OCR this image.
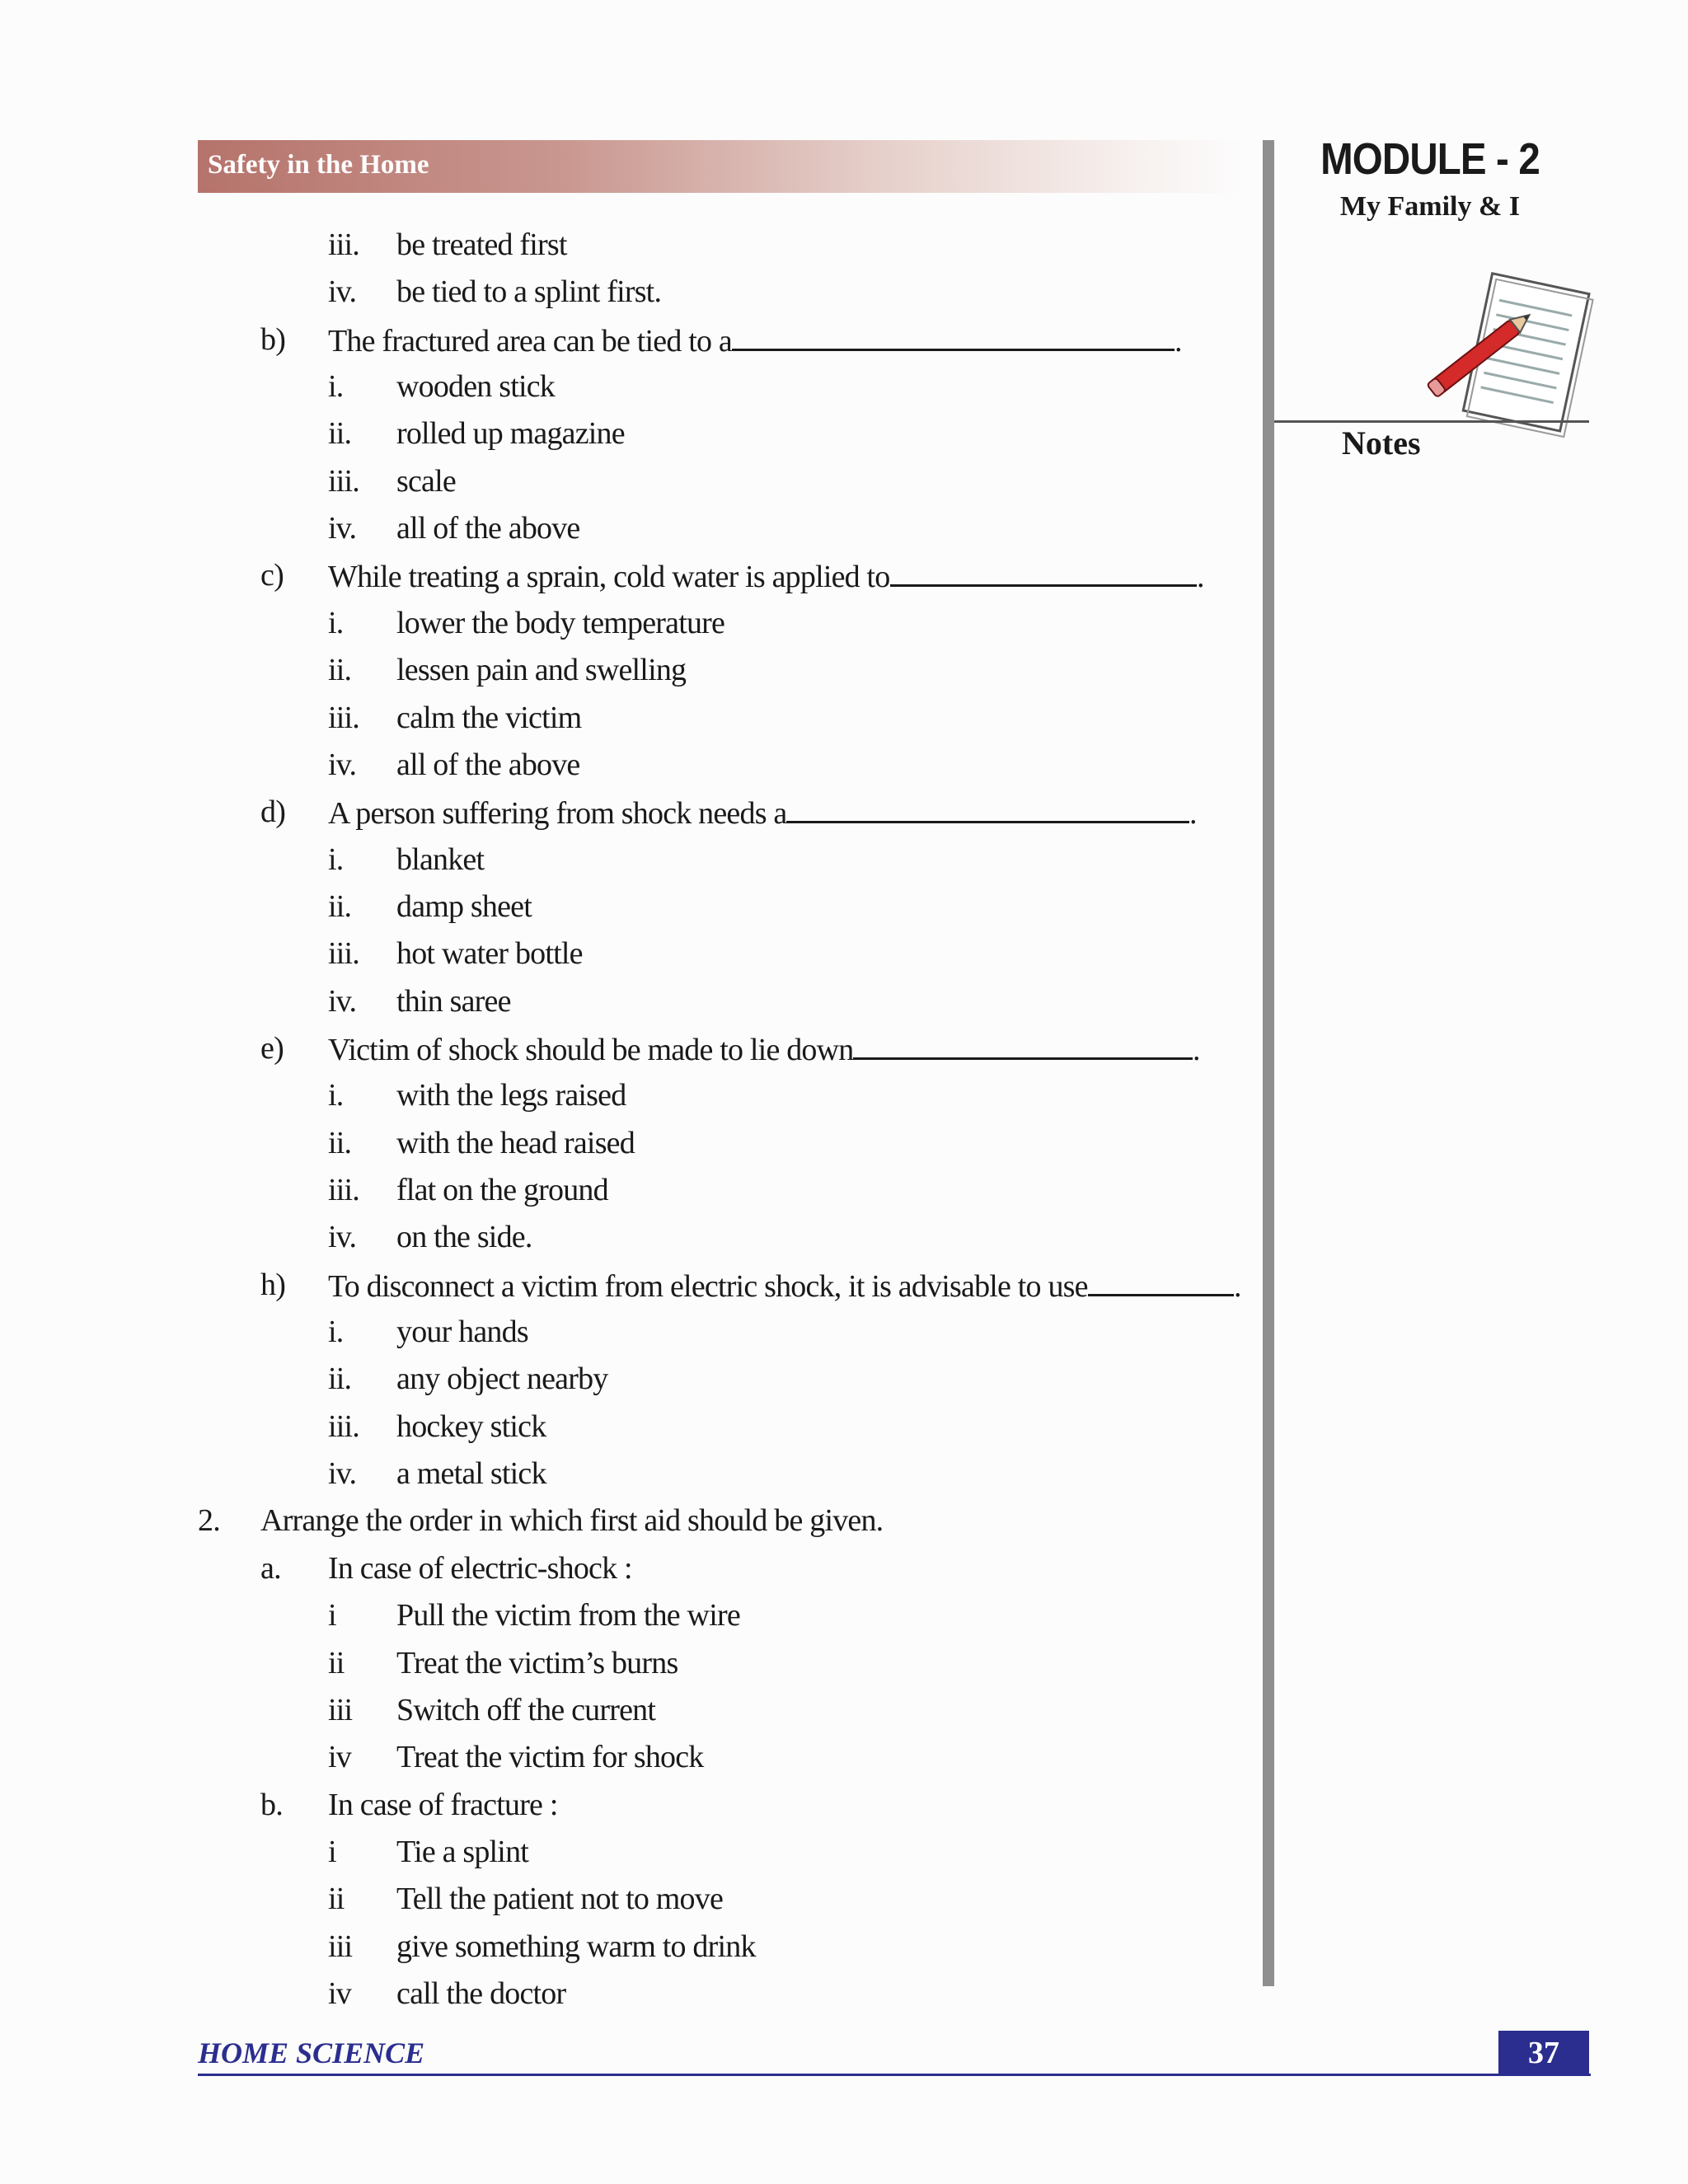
Safety in the Home	MODULE - 2
My Family & I
Notes
iii. be treated first
iv. be tied to a splint first.
b) The fractured area can be tied to a	.
i. wooden stick
ii. rolled up magazine
iii. scale
iv. all of the above
c) While treating a sprain, cold water is applied to	.
i. lower the body temperature
ii. lessen pain and swelling
iii. calm the victim
iv. all of the above
d) A person suffering from shock needs a	.
i. blanket
ii. damp sheet
iii. hot water bottle
iv. thin saree
e) Victim of shock should be made to lie down	.
i. with the legs raised
ii. with the head raised
iii. flat on the ground
iv. on the side.
h) To disconnect a victim from electric shock, it is advisable to use	.
i. your hands
ii. any object nearby
iii. hockey stick
iv. a metal stick
2. Arrange the order in which first aid should be given.
a. In case of electric-shock :
i Pull the victim from the wire
ii Treat the victim’s burns
iii Switch off the current
iv Treat the victim for shock
b. In case of fracture :
i Tie a splint
ii Tell the patient not to move
iii give something warm to drink
iv call the doctor
HOME SCIENCE	37
